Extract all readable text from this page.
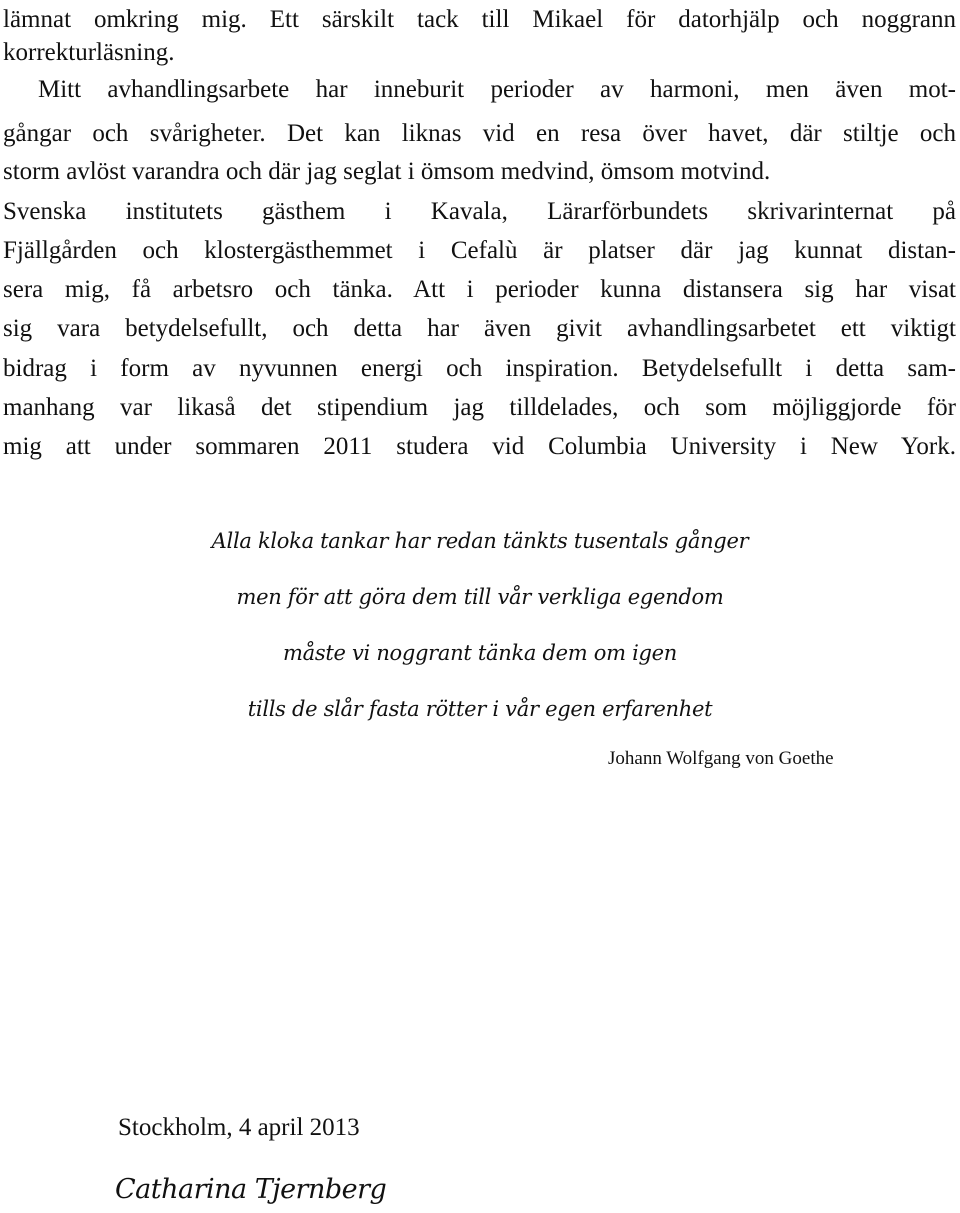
lämnat omkring mig. Ett särskilt tack till Mikael för datorhjälp och noggrann
korrekturläsning.
Mitt avhandlingsarbete har inneburit perioder av harmoni, men även mot-
gångar och svårigheter. Det kan liknas vid en resa över havet, där stiltje och
storm avlöst varandra och där jag seglat i ömsom medvind, ömsom motvind.
Svenska institutets gästhem i Kavala, Lärarförbundets skrivarinternat på
Fjällgården och klostergästhemmet i Cefalù är platser där jag kunnat distan-
sera mig, få arbetsro och tänka. Att i perioder kunna distansera sig har visat
sig vara betydelsefullt, och detta har även givit avhandlingsarbetet ett viktigt
bidrag i form av nyvunnen energi och inspiration. Betydelsefullt i detta sam-
manhang var likaså det stipendium jag tilldelades, och som möjliggjorde för
mig att under sommaren 2011 studera vid Columbia University i New York.
Alla kloka tankar har redan tänkts tusentals gånger
men för att göra dem till vår verkliga egendom
måste vi noggrant tänka dem om igen
tills de slår fasta rötter i vår egen erfarenhet
Johann Wolfgang von Goethe
Stockholm, 4 april 2013
Catharina Tjernberg
